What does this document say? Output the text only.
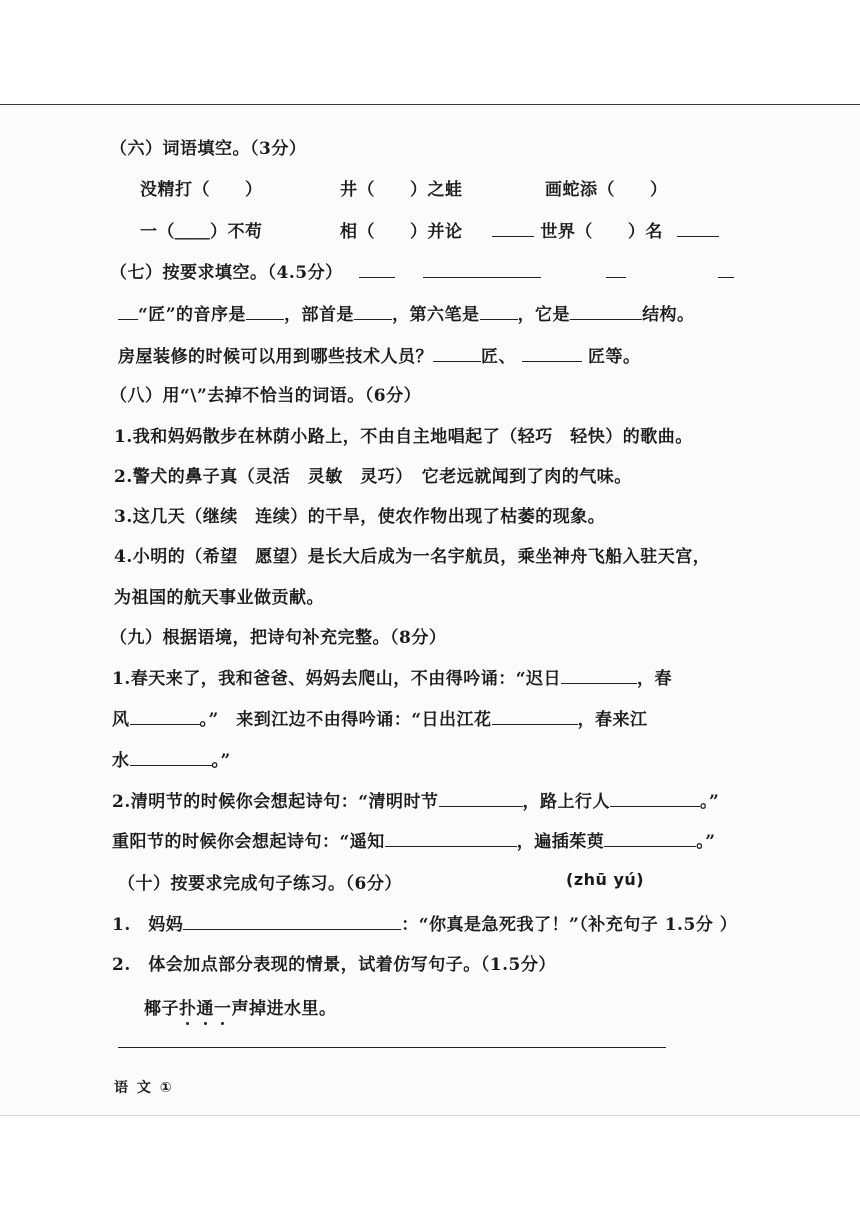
（六）词语填空。（3分）
没精打（　　）	井（　　）之蛙	画蛇添（　　）
一（＿＿）不苟	相（　　）并论	世界（　　）名
（七）按要求填空。（4.5分）
“匠”的音序是 ，部首是 ，第六笔是 ，它是	结构。
房屋装修的时候可以用到哪些技术人员？	匠、	匠等。
（八）用“\”去掉不恰当的词语。（6分）
1.我和妈妈散步在林荫小路上，不由自主地唱起了（轻巧　轻快）的歌曲。
2.警犬的鼻子真（灵活　灵敏　灵巧）　它老远就闻到了肉的气味。
3.这几天（继续　连续）的干旱，使农作物出现了枯萎的现象。
4.小明的（希望　愿望）是长大后成为一名宇航员，乘坐神舟飞船入驻天宫，
为祖国的航天事业做贡献。
（九）根据语境，把诗句补充完整。（8分）
1.春天来了，我和爸爸、妈妈去爬山，不由得吟诵：“迟日	，春
风	。”　来到江边不由得吟诵：“日出江花	，春来江
水	。”
2.清明节的时候你会想起诗句：“清明时节	，路上行人	。”
重阳节的时候你会想起诗句：“遥知	，遍插茱萸	。”
（十）按要求完成句子练习。（6分）	(zhū yú)
1.　妈妈	：“你真是急死我了！”（补充句子 1.5分 ）
2.　体会加点部分表现的情景，试着仿写句子。（1.5分）
椰子扑通一声掉进水里。
语 文 ①
